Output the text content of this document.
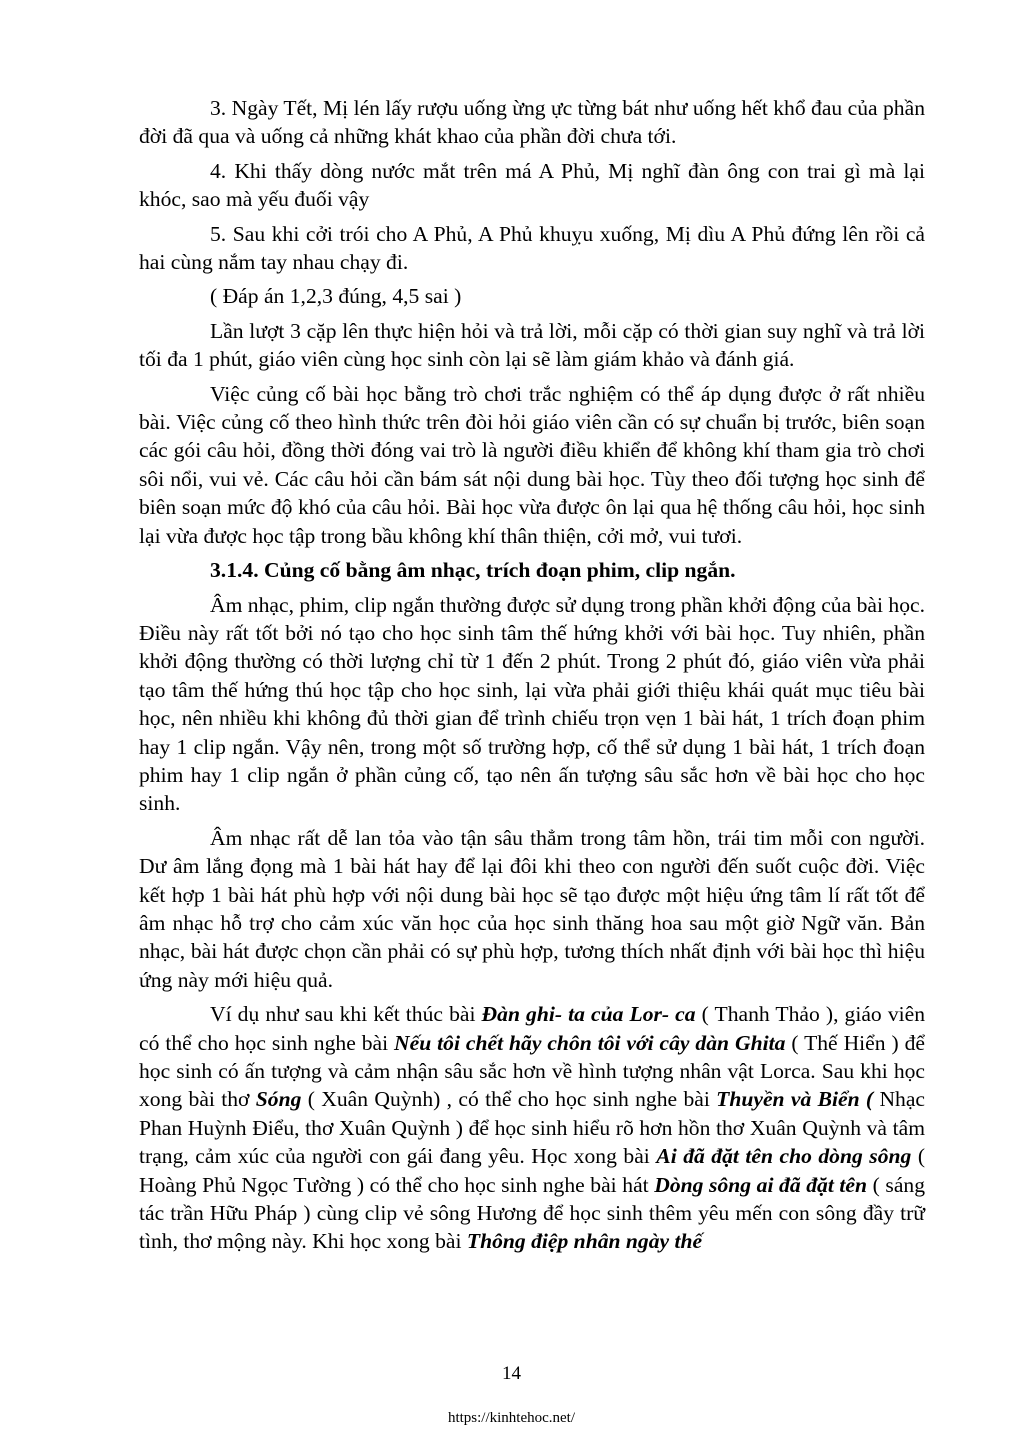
3. Ngày Tết, Mị lén lấy rượu uống ừng ực từng bát như uống hết khổ đau của phần đời đã qua và uống cả những khát khao của phần đời chưa tới.

4. Khi thấy dòng nước mắt trên má A Phủ, Mị nghĩ đàn ông con trai gì mà lại khóc, sao mà yếu đuối vậy

5. Sau khi cởi trói cho A Phủ, A Phủ khuỵu xuống, Mị dìu A Phủ đứng lên rồi cả hai cùng nắm tay nhau chạy đi.

( Đáp án 1,2,3 đúng, 4,5 sai )

Lần lượt 3 cặp lên thực hiện hỏi và trả lời, mỗi cặp có thời gian suy nghĩ và trả lời tối đa 1 phút, giáo viên cùng học sinh còn lại sẽ làm giám khảo và đánh giá.

Việc củng cố bài học bằng trò chơi trắc nghiệm có thể áp dụng được ở rất nhiều bài. Việc củng cố theo hình thức trên đòi hỏi giáo viên cần có sự chuẩn bị trước, biên soạn các gói câu hỏi, đồng thời đóng vai trò là người điều khiển để không khí tham gia trò chơi sôi nổi, vui vẻ. Các câu hỏi cần bám sát nội dung bài học. Tùy theo đối tượng học sinh để biên soạn mức độ khó của câu hỏi. Bài học vừa được ôn lại qua hệ thống câu hỏi, học sinh lại vừa được học tập trong bầu không khí thân thiện, cởi mở, vui tươi.

3.1.4. Củng cố bằng âm nhạc, trích đoạn phim, clip ngắn.

Âm nhạc, phim, clip ngắn thường được sử dụng trong phần khởi động của bài học. Điều này rất tốt bởi nó tạo cho học sinh tâm thế hứng khởi với bài học. Tuy nhiên, phần khởi động thường có thời lượng chỉ từ 1 đến 2 phút. Trong 2 phút đó, giáo viên vừa phải tạo tâm thế hứng thú học tập cho học sinh, lại vừa phải giới thiệu khái quát mục tiêu bài học, nên nhiều khi không đủ thời gian để trình chiếu trọn vẹn 1 bài hát, 1 trích đoạn phim hay 1 clip ngắn. Vậy nên, trong một số trường hợp, cố thể sử dụng 1 bài hát, 1 trích đoạn phim hay 1 clip ngắn ở phần củng cố, tạo nên ấn tượng sâu sắc hơn về bài học cho học sinh.

Âm nhạc rất dễ lan tỏa vào tận sâu thẳm trong tâm hồn, trái tim mỗi con người. Dư âm lắng đọng mà 1 bài hát hay để lại đôi khi theo con người đến suốt cuộc đời. Việc kết hợp 1 bài hát phù hợp với nội dung bài học sẽ tạo được một hiệu ứng tâm lí rất tốt để âm nhạc hỗ trợ cho cảm xúc văn học của học sinh thăng hoa sau một giờ Ngữ văn. Bản nhạc, bài hát được chọn cần phải có sự phù hợp, tương thích nhất định với bài học thì hiệu ứng này mới hiệu quả.

Ví dụ như sau khi kết thúc bài Đàn ghi- ta của Lor- ca ( Thanh Thảo ), giáo viên có thể cho học sinh nghe bài Nếu tôi chết hãy chôn tôi với cây dàn Ghita ( Thế Hiển ) để học sinh có ấn tượng và cảm nhận sâu sắc hơn về hình tượng nhân vật Lorca. Sau khi học xong bài thơ Sóng ( Xuân Quỳnh) , có thể cho học sinh nghe bài Thuyền và Biển ( Nhạc Phan Huỳnh Điểu, thơ Xuân Quỳnh ) để học sinh hiểu rõ hơn hồn thơ Xuân Quỳnh và tâm trạng, cảm xúc của người con gái đang yêu. Học xong bài Ai đã đặt tên cho dòng sông ( Hoàng Phủ Ngọc Tường ) có thể cho học sinh nghe bài hát Dòng sông ai đã đặt tên ( sáng tác trần Hữu Pháp ) cùng clip vẻ sông Hương để học sinh thêm yêu mến con sông đầy trữ tình, thơ mộng này. Khi học xong bài Thông điệp nhân ngày thế

14
https://kinhtehoc.net/
